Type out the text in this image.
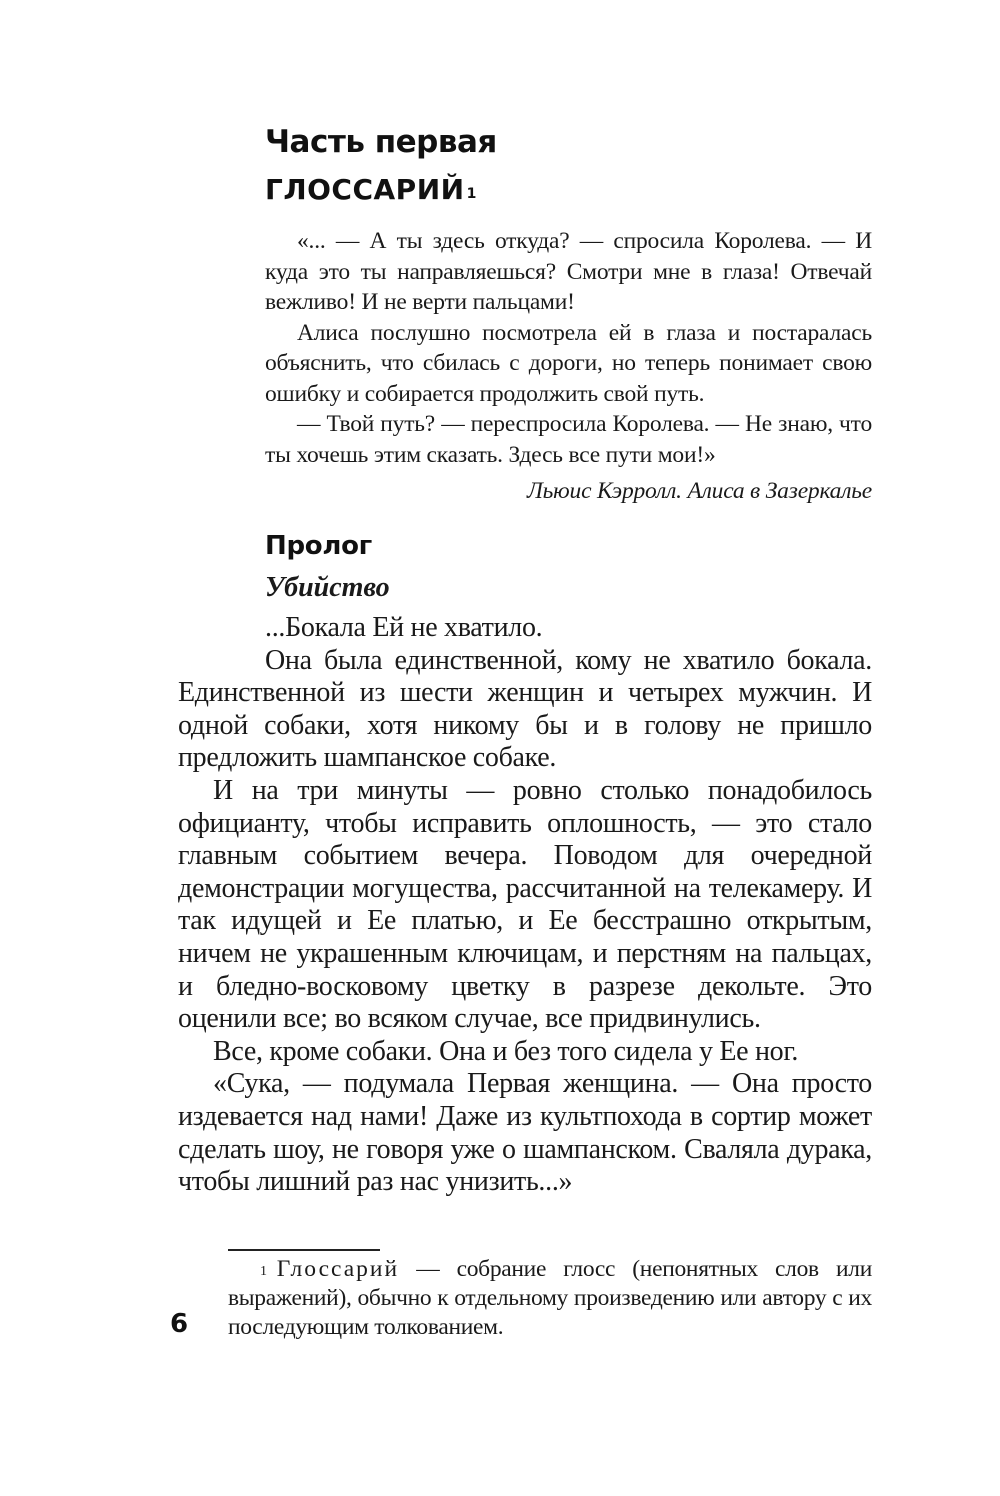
Часть первая
ГЛОССАРИЙ $^1$

«... — А ты здесь откуда? — спросила Королева. — И куда это ты направляешься? Смотри мне в глаза! Отвечай вежливо! И не верти пальцами!

Алиса послушно посмотрела ей в глаза и постаралась объяснить, что сбилась с дороги, но теперь понимает свою ошибку и собирается продолжить свой путь.

— Твой путь? — переспросила Королева. — Не знаю, что ты хочешь этим сказать. Здесь все пути мои!»

Льюис Кэрролл. Алиса в Зазеркалье

Пролог
Убийство

...Бокала Ей не хватило.

Она была единственной, кому не хватило бокала. Единственной из шести женщин и четырех мужчин. И одной собаки, хотя никому бы и в голову не пришло предложить шампанское собаке.

И на три минуты — ровно столько понадобилось официанту, чтобы исправить оплошность, — это стало главным событием вечера. Поводом для очередной демонстрации могущества, рассчитанной на телекамеру. И так идущей и Ее платью, и Ее бесстрашно открытым, ничем не украшенным ключицам, и перстням на пальцах, и бледно-восковому цветку в разрезе декольте. Это оценили все; во всяком случае, все придвинулись.

Все, кроме собаки. Она и без того сидела у Ее ног.

«Сука, — подумала Первая женщина. — Она просто издевается над нами! Даже из культпохода в сортир может сделать шоу, не говоря уже о шампанском. Сваляла дурака, чтобы лишний раз нас унизить...»

$^1$ Глоссарий — собрание глосс (непонятных слов или выражений), обычно к отдельному произведению или автору с их последующим толкованием.

6
